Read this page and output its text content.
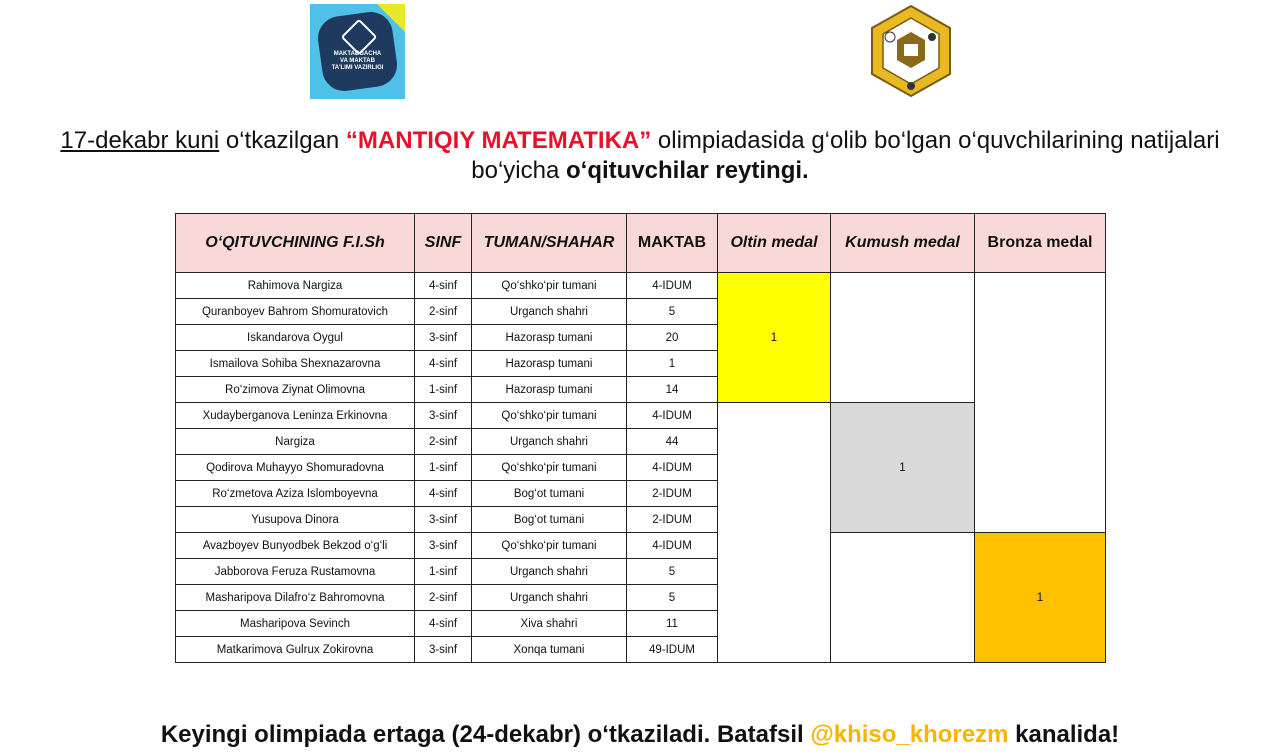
MAKTABGACHA
VA MAKTAB
TA'LIMI VAZIRLIGI
17-dekabr kuni o‘tkazilgan “MANTIQIY MATEMATIKA” olimpiadasida g‘olib bo‘lgan o‘quvchilarining natijalari
bo‘yicha o‘qituvchilar reytingi.
O‘QITUVCHINING F.I.Sh	SINF	TUMAN/SHAHAR	MAKTAB	Oltin medal	Kumush medal	Bronza medal
Rahimova Nargiza	4-sinf	Qo‘shko‘pir tumani	4-IDUM	1		
Quranboyev Bahrom Shomuratovich	2-sinf	Urganch shahri	5			
Iskandarova Oygul	3-sinf	Hazorasp tumani	20			
Ismailova Sohiba Shexnazarovna	4-sinf	Hazorasp tumani	1			
Ro‘zimova Ziynat Olimovna	1-sinf	Hazorasp tumani	14			
Xudayberganova Leninza Erkinovna	3-sinf	Qo‘shko‘pir tumani	4-IDUM		1	
Nargiza	2-sinf	Urganch shahri	44			
Qodirova Muhayyo Shomuradovna	1-sinf	Qo‘shko‘pir tumani	4-IDUM			
Ro‘zmetova Aziza Islomboyevna	4-sinf	Bog‘ot tumani	2-IDUM			
Yusupova Dinora	3-sinf	Bog‘ot tumani	2-IDUM			
Avazboyev Bunyodbek Bekzod o‘g‘li	3-sinf	Qo‘shko‘pir tumani	4-IDUM			1
Jabborova Feruza Rustamovna	1-sinf	Urganch shahri	5			
Masharipova Dilafro‘z Bahromovna	2-sinf	Urganch shahri	5			
Masharipova Sevinch	4-sinf	Xiva shahri	11			
Matkarimova Gulrux Zokirovna	3-sinf	Xonqa tumani	49-IDUM			
Keyingi olimpiada ertaga (24-dekabr) o‘tkaziladi. Batafsil @khiso_khorezm kanalida!
